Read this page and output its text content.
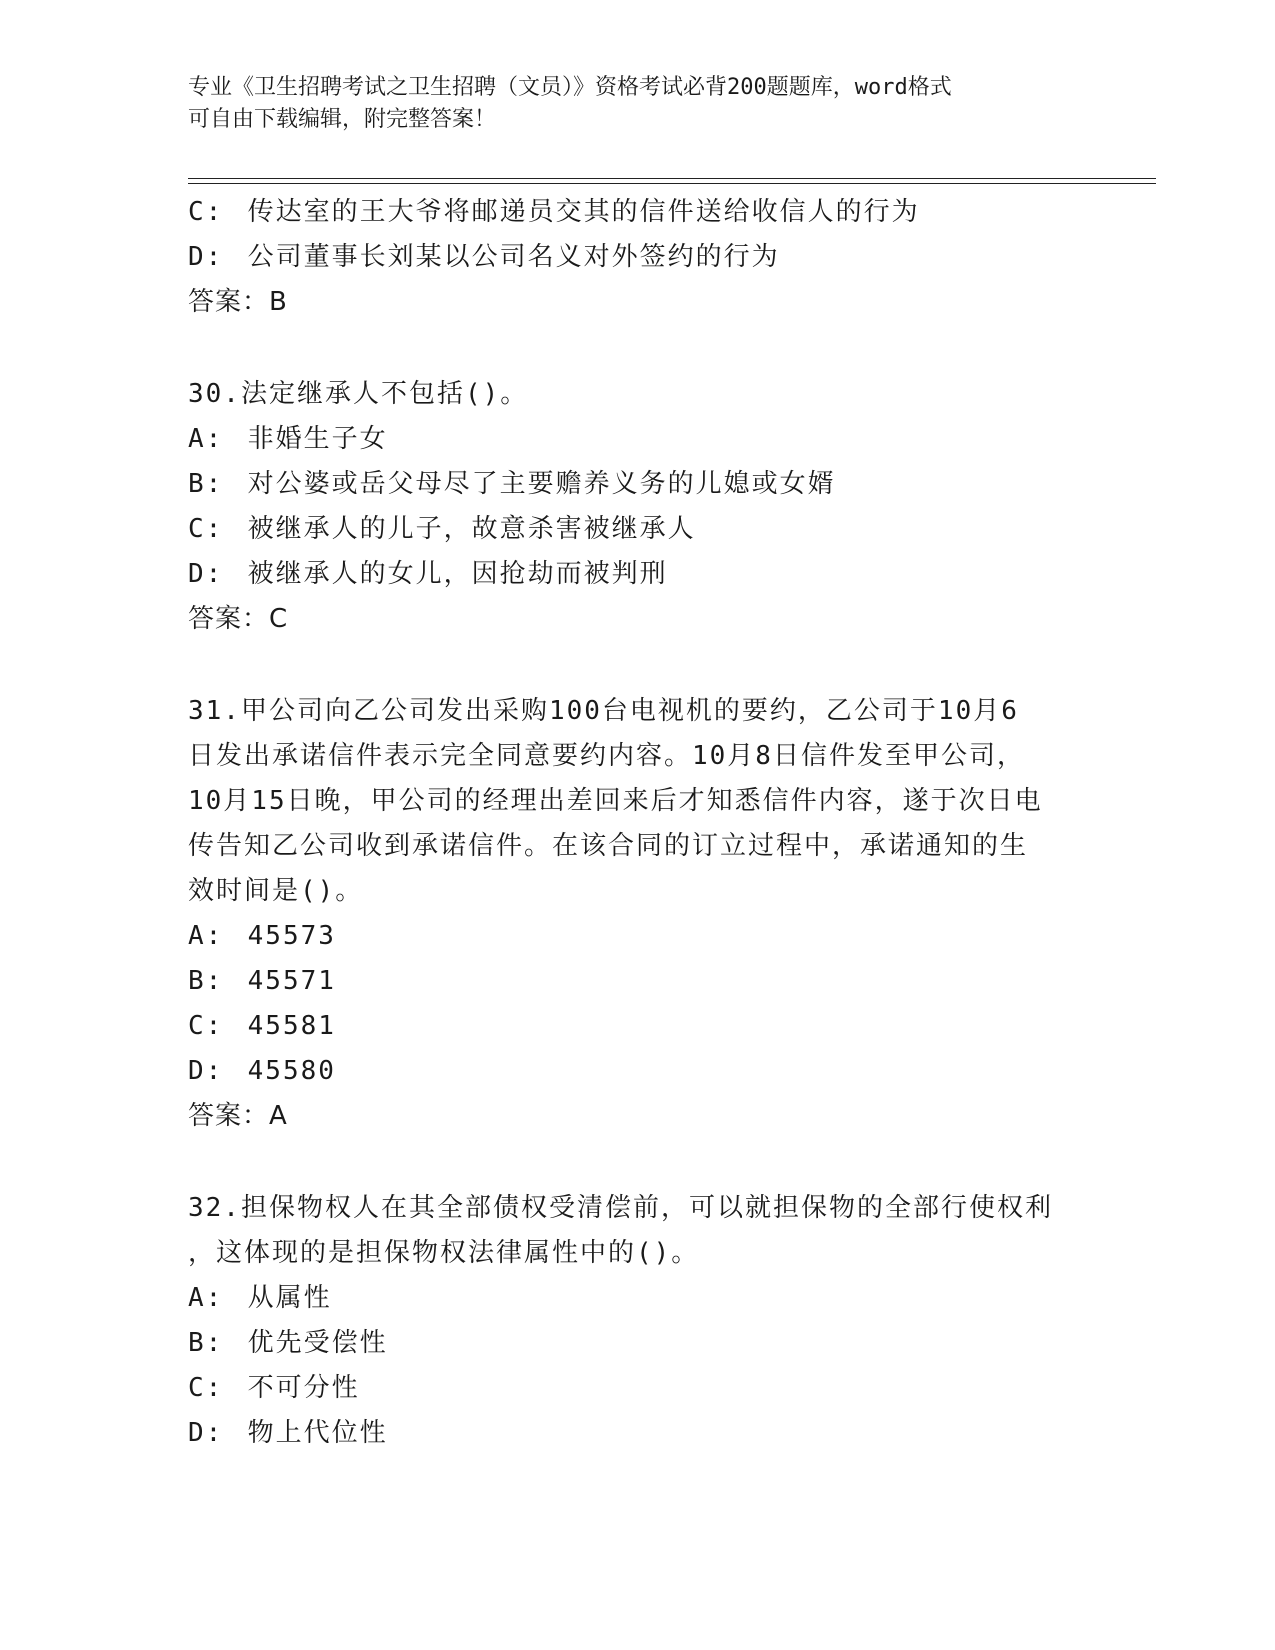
专业《卫生招聘考试之卫生招聘（文员）》资格考试必背200题题库，word格式
可自由下载编辑，附完整答案！
C: 传达室的王大爷将邮递员交其的信件送给收信人的行为
D: 公司董事长刘某以公司名义对外签约的行为
答案：B
30.法定继承人不包括()。
A: 非婚生子女
B: 对公婆或岳父母尽了主要赡养义务的儿媳或女婿
C: 被继承人的儿子，故意杀害被继承人
D: 被继承人的女儿，因抢劫而被判刑
答案：C
31.甲公司向乙公司发出采购100台电视机的要约，乙公司于10月6
日发出承诺信件表示完全同意要约内容。10月8日信件发至甲公司，
10月15日晚，甲公司的经理出差回来后才知悉信件内容，遂于次日电
传告知乙公司收到承诺信件。在该合同的订立过程中，承诺通知的生
效时间是()。
A: 45573
B: 45571
C: 45581
D: 45580
答案：A
32.担保物权人在其全部债权受清偿前，可以就担保物的全部行使权利
，这体现的是担保物权法律属性中的()。
A: 从属性
B: 优先受偿性
C: 不可分性
D: 物上代位性
